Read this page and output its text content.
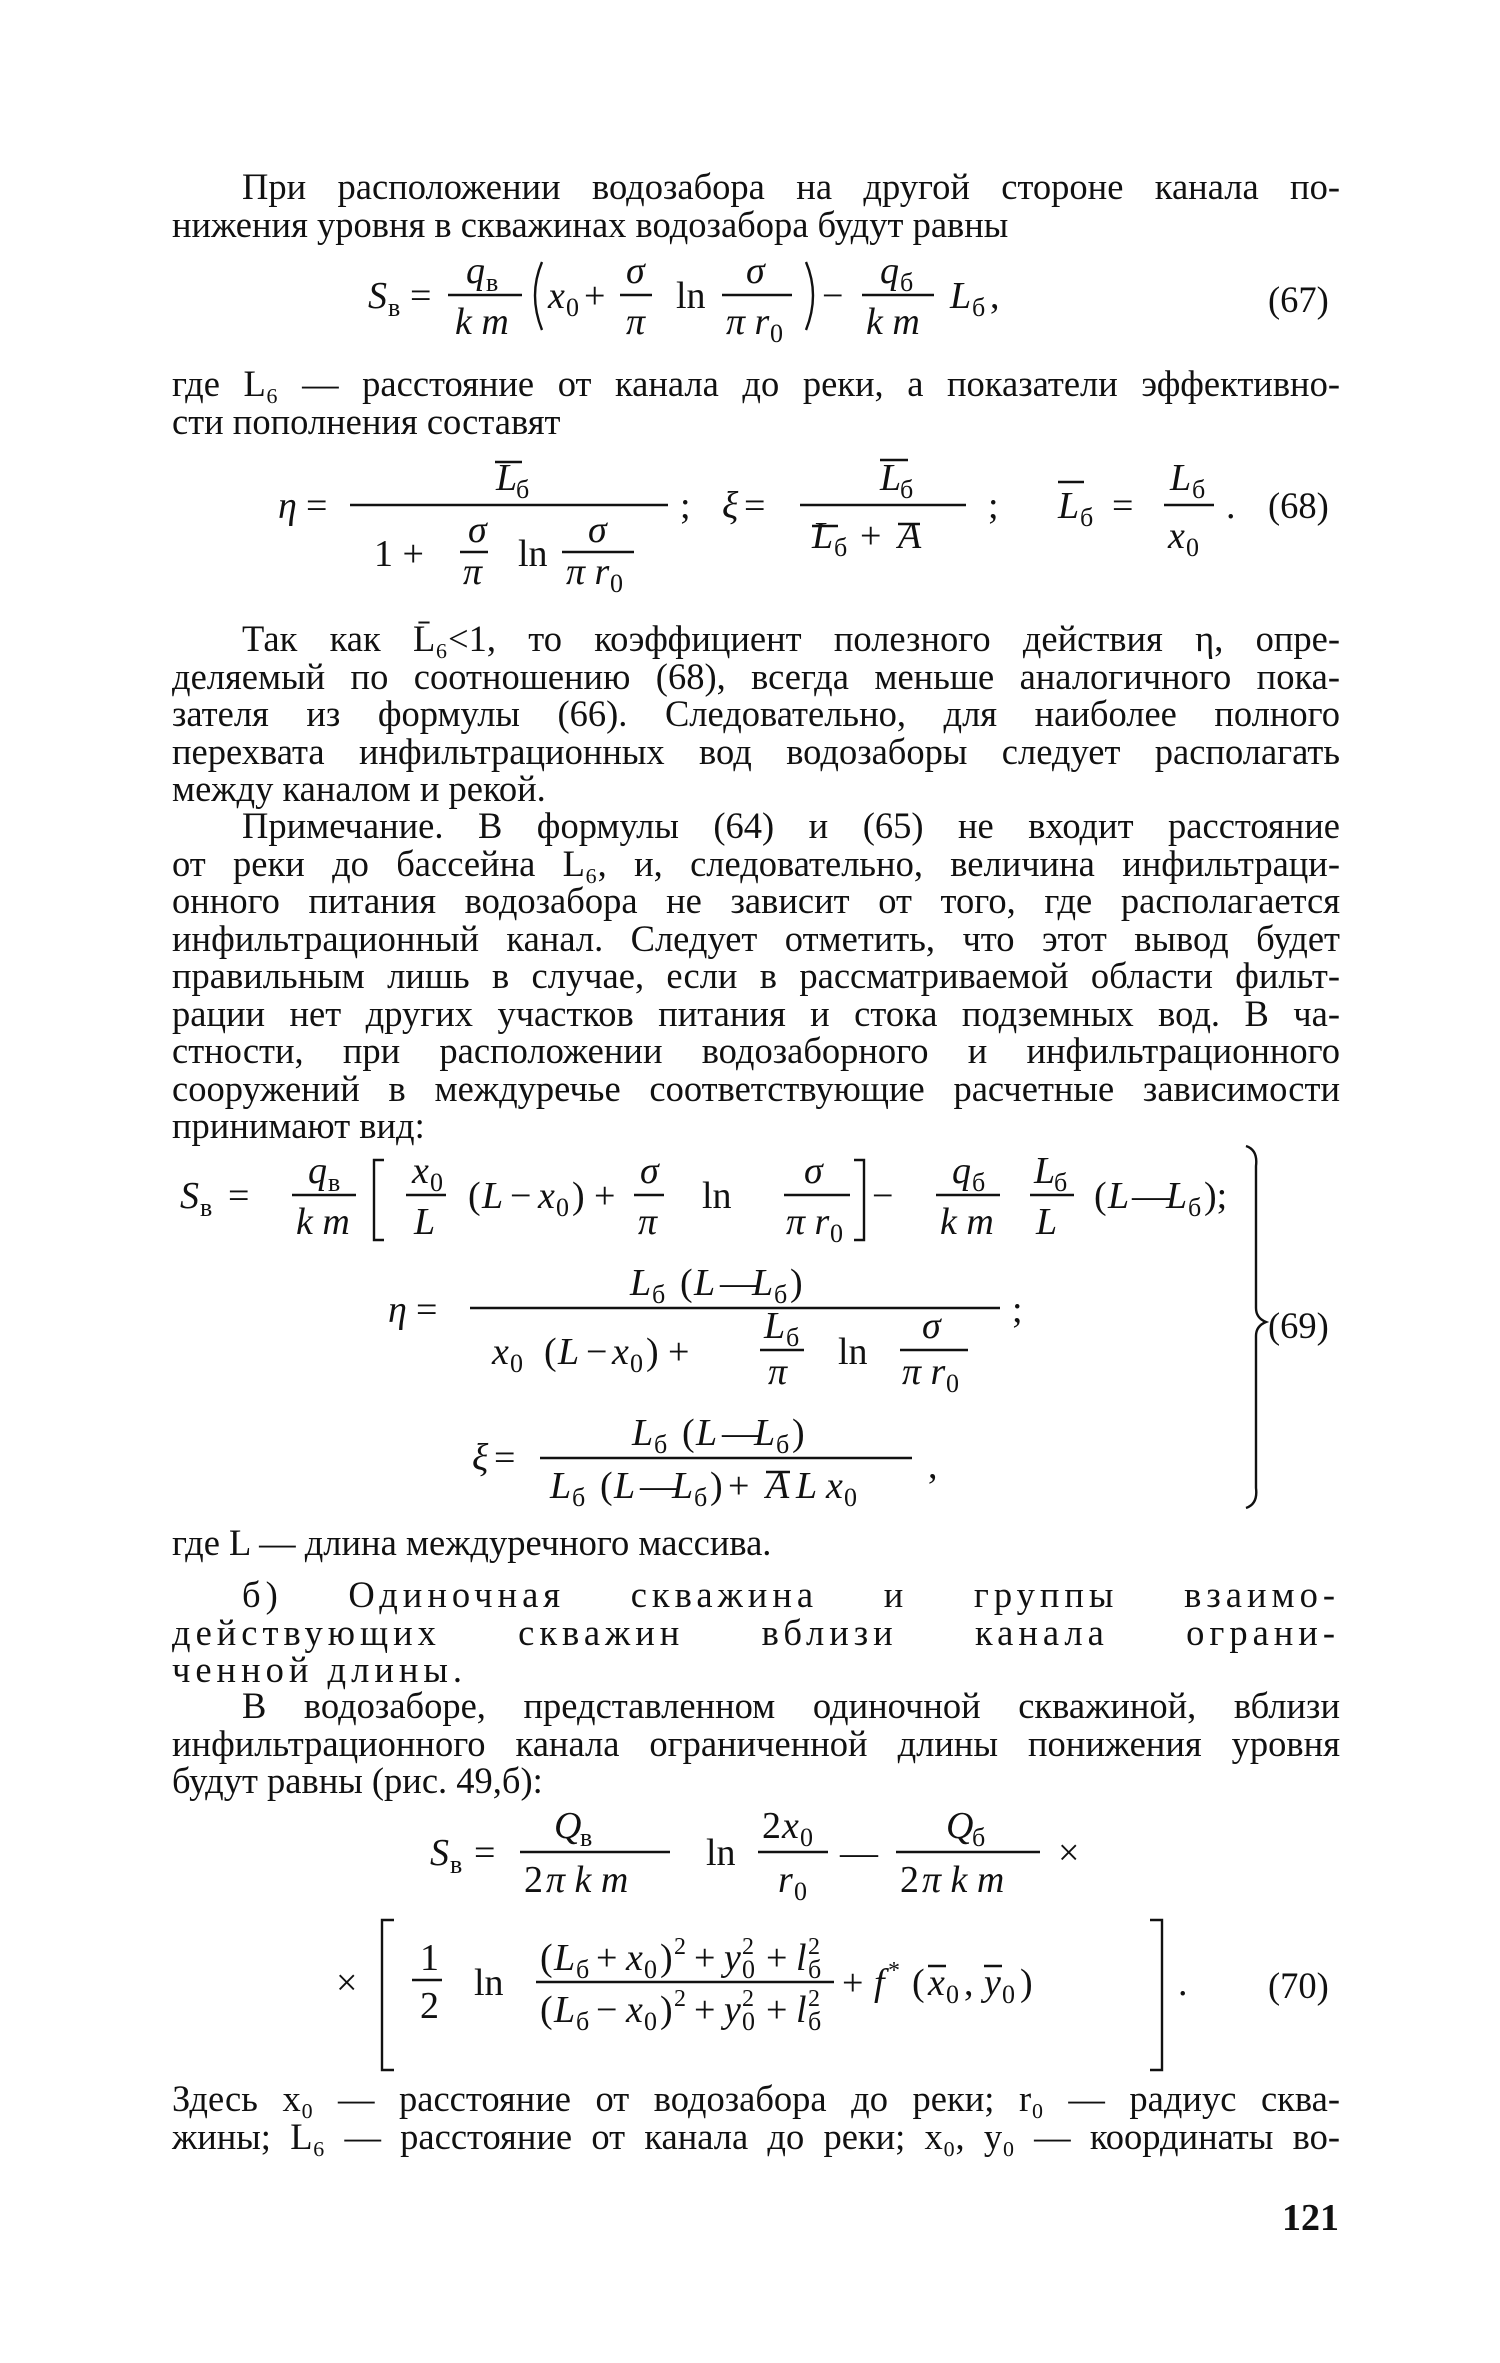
При расположении водозабора на другой стороне канала по-
нижения уровня в скважинах водозабора будут равны
S в =
q в
k m
x 0 +
σ
π
ln
σ
π r 0
−
q б
k m
L б ,	(67)
где L₆ — расстояние от канала до реки, а показатели эффективно-
сти пополнения составят
η =
L
б
1 +
σ
π ln
σ
π r 0
; ξ =
L
б
L б + A
; L б =
L б
x 0
. (68)
Так как L̄₆<1, то коэффициент полезного действия η, опре-
деляемый по соотношению (68), всегда меньше аналогичного пока-
зателя из формулы (66). Следовательно, для наиболее полного
перехвата инфильтрационных вод водозаборы следует располагать
между каналом и рекой.
Примечание. В формулы (64) и (65) не входит расстояние
от реки до бассейна L₆, и, следовательно, величина инфильтраци-
онного питания водозабора не зависит от того, где располагается
инфильтрационный канал. Следует отметить, что этот вывод будет
правильным лишь в случае, если в рассматриваемой области фильт-
рации нет других участков питания и стока подземных вод. В ча-
стности, при расположении водозаборного и инфильтрационного
сооружений в междуречье соответствующие расчетные зависимости
принимают вид:
S в =
q в
k m
x 0
L
( L − x 0 ) +
σ
π
ln
σ
π r 0
−
q б
k m
L
б
L
( L —
L б );
η =
L б ( L —
L б )
x 0 ( L − x 0 ) +
L б
π ln
σ
π r 0
;
ξ =
L б ( L —
L б )
L б ( L —
L б ) + A L x 0
,
(69)
где L — длина междуречного массива.
б) Одиночная скважина и группы взаимо-
действующих скважин вблизи канала ограни-
ченной длины.
В водозаборе, представленном одиночной скважиной, вблизи
инфильтрационного канала ограниченной длины понижения уровня
будут равны (рис. 49,б):
S в =
Q
в
2 π k m
ln
2 x 0
r 0
—
Q
б
2 π k m
×
×
1
2
ln
( L б + x 0 ) 2 + y 0
2 + l б
2
( L б − x 0 ) 2 + y 0
2 + l б
2 + f * ( x 0 , y 0 )	. (70)
Здесь x₀ — расстояние от водозабора до реки; r₀ — радиус сква-
жины; L₆ — расстояние от канала до реки; x₀, y₀ — координаты во-
121
